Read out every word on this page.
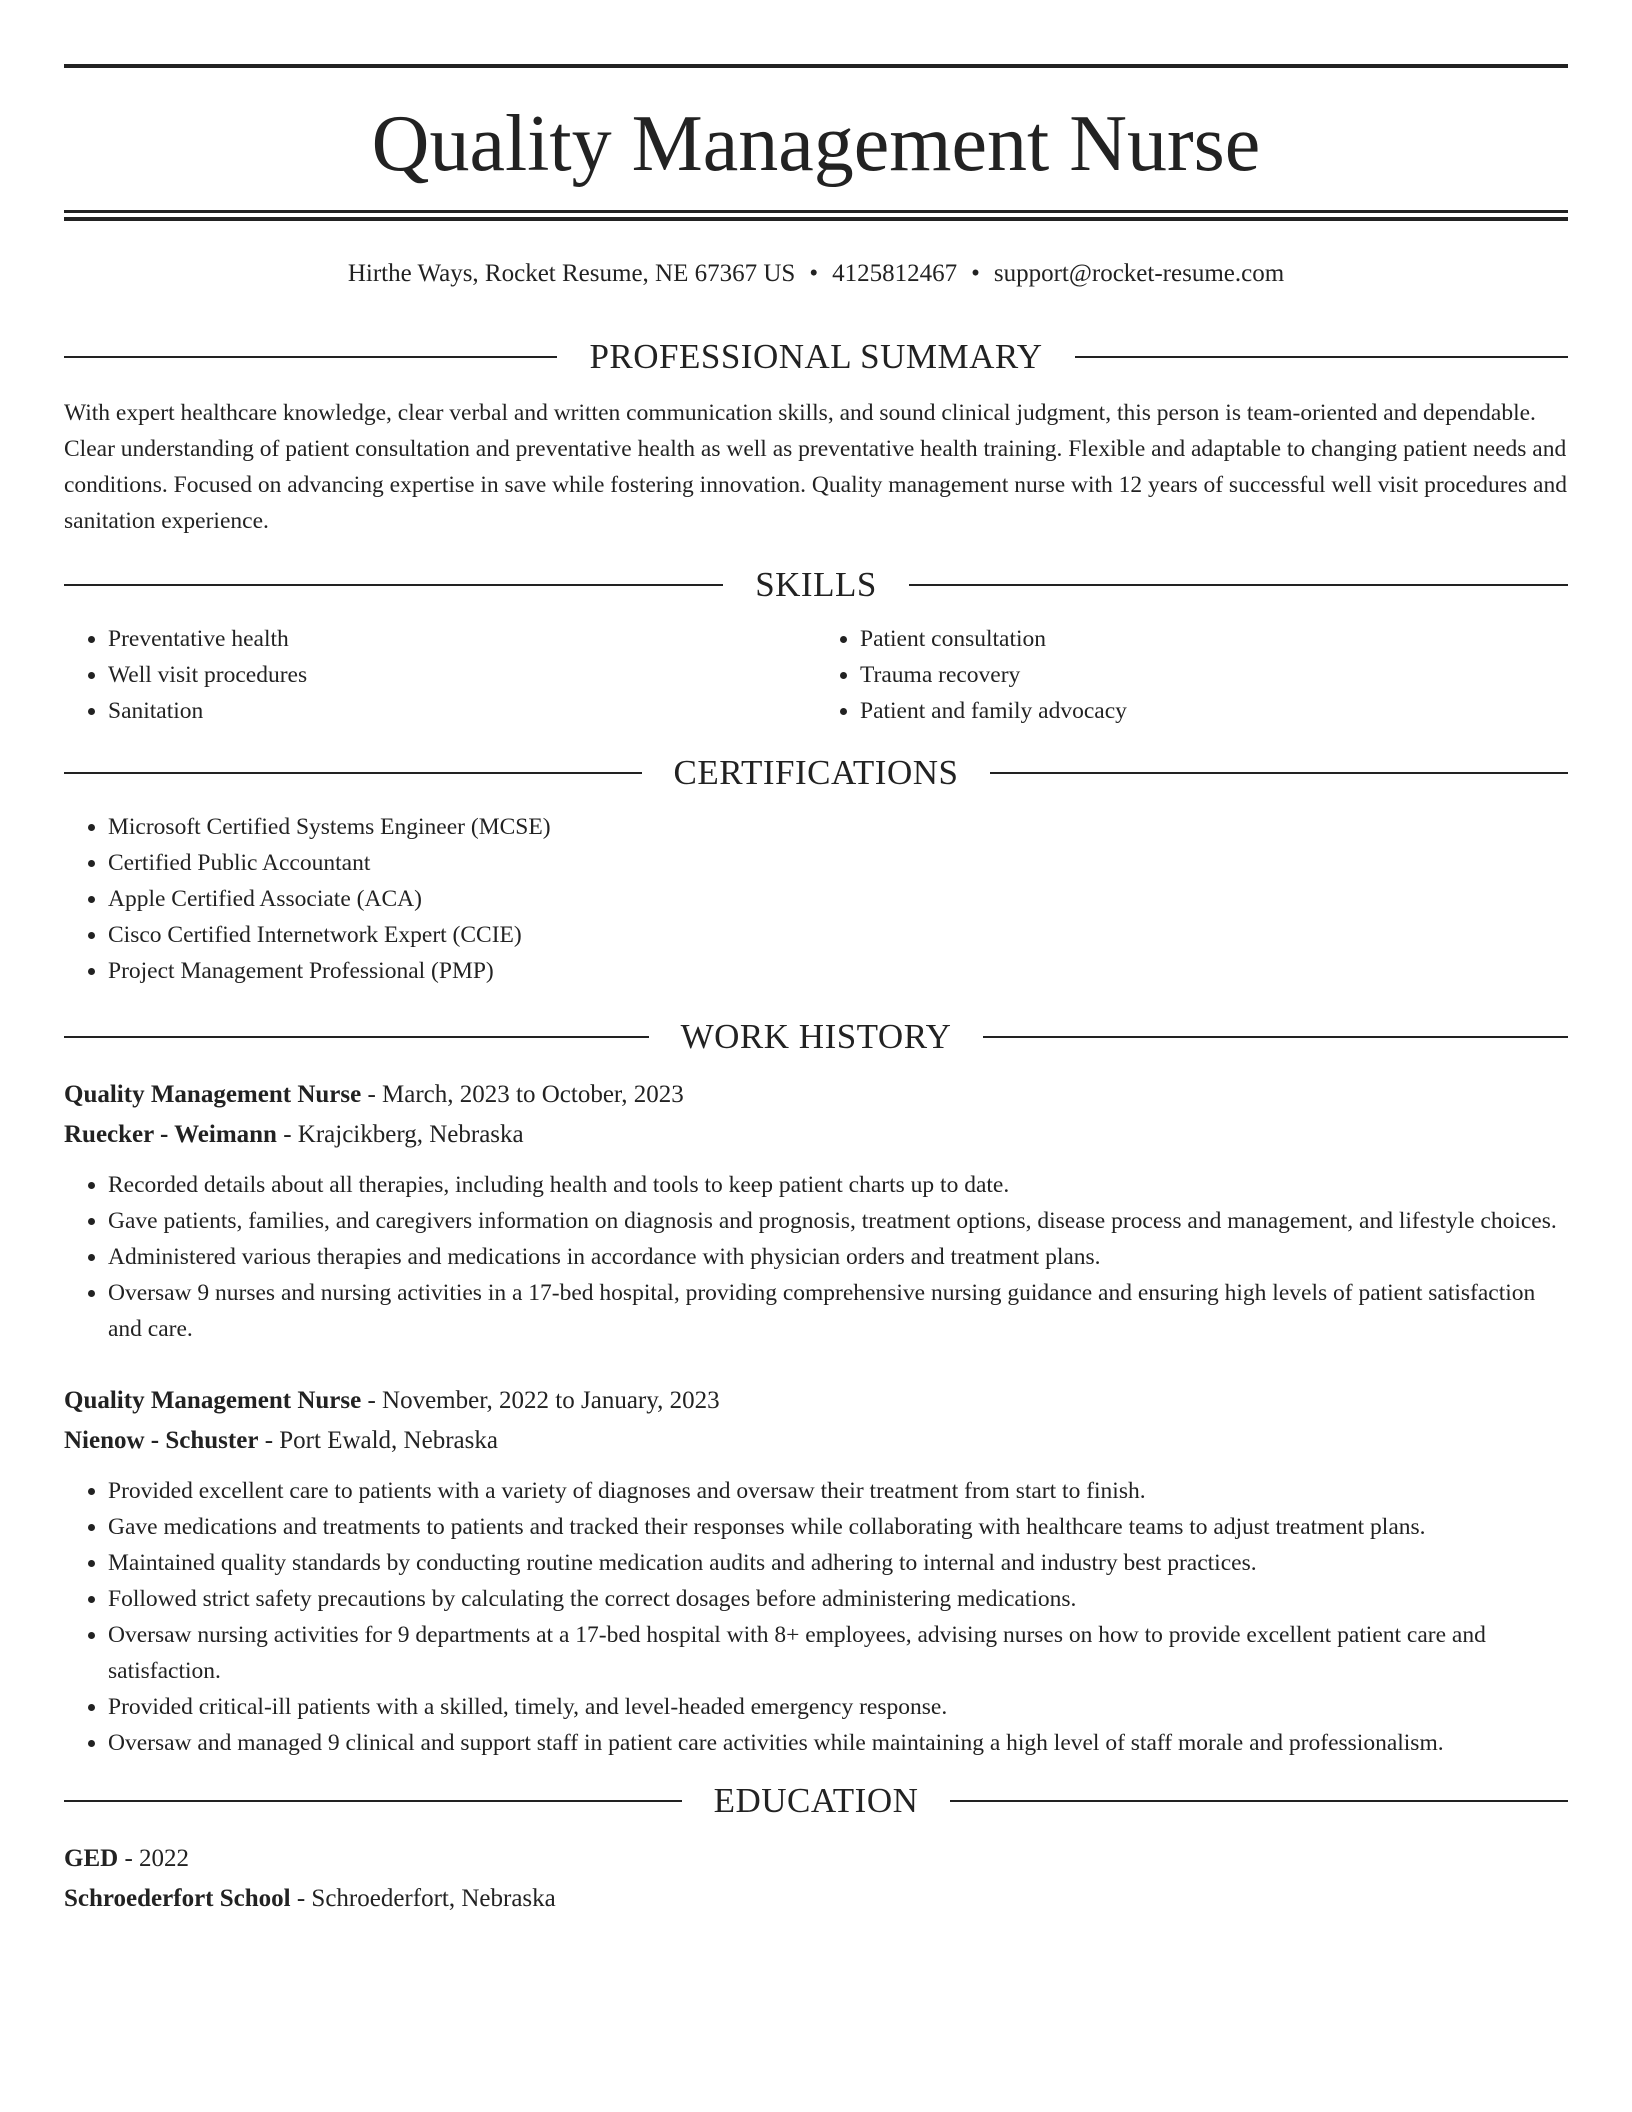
Quality Management Nurse
Hirthe Ways, Rocket Resume, NE 67367 US • 4125812467 • support@rocket-resume.com
PROFESSIONAL SUMMARY

With expert healthcare knowledge, clear verbal and written communication skills, and sound clinical judgment, this person is team-oriented and dependable. Clear understanding of patient consultation and preventative health as well as preventative health training. Flexible and adaptable to changing patient needs and conditions. Focused on advancing expertise in save while fostering innovation. Quality management nurse with 12 years of successful well visit procedures and sanitation experience.

SKILLS
• Preventative health
• Well visit procedures
• Sanitation
• Patient consultation
• Trauma recovery
• Patient and family advocacy
CERTIFICATIONS
• Microsoft Certified Systems Engineer (MCSE)
• Certified Public Accountant
• Apple Certified Associate (ACA)
• Cisco Certified Internetwork Expert (CCIE)
• Project Management Professional (PMP)
WORK HISTORY
Quality Management Nurse - March, 2023 to October, 2023
Ruecker - Weimann - Krajcikberg, Nebraska
• Recorded details about all therapies, including health and tools to keep patient charts up to date.
• Gave patients, families, and caregivers information on diagnosis and prognosis, treatment options, disease process and management, and lifestyle choices.
• Administered various therapies and medications in accordance with physician orders and treatment plans.
• Oversaw 9 nurses and nursing activities in a 17-bed hospital, providing comprehensive nursing guidance and ensuring high levels of patient satisfaction and care.
Quality Management Nurse - November, 2022 to January, 2023
Nienow - Schuster - Port Ewald, Nebraska
• Provided excellent care to patients with a variety of diagnoses and oversaw their treatment from start to finish.
• Gave medications and treatments to patients and tracked their responses while collaborating with healthcare teams to adjust treatment plans.
• Maintained quality standards by conducting routine medication audits and adhering to internal and industry best practices.
• Followed strict safety precautions by calculating the correct dosages before administering medications.
• Oversaw nursing activities for 9 departments at a 17-bed hospital with 8+ employees, advising nurses on how to provide excellent patient care and satisfaction.
• Provided critical-ill patients with a skilled, timely, and level-headed emergency response.
• Oversaw and managed 9 clinical and support staff in patient care activities while maintaining a high level of staff morale and professionalism.
EDUCATION
GED - 2022
Schroederfort School - Schroederfort, Nebraska
